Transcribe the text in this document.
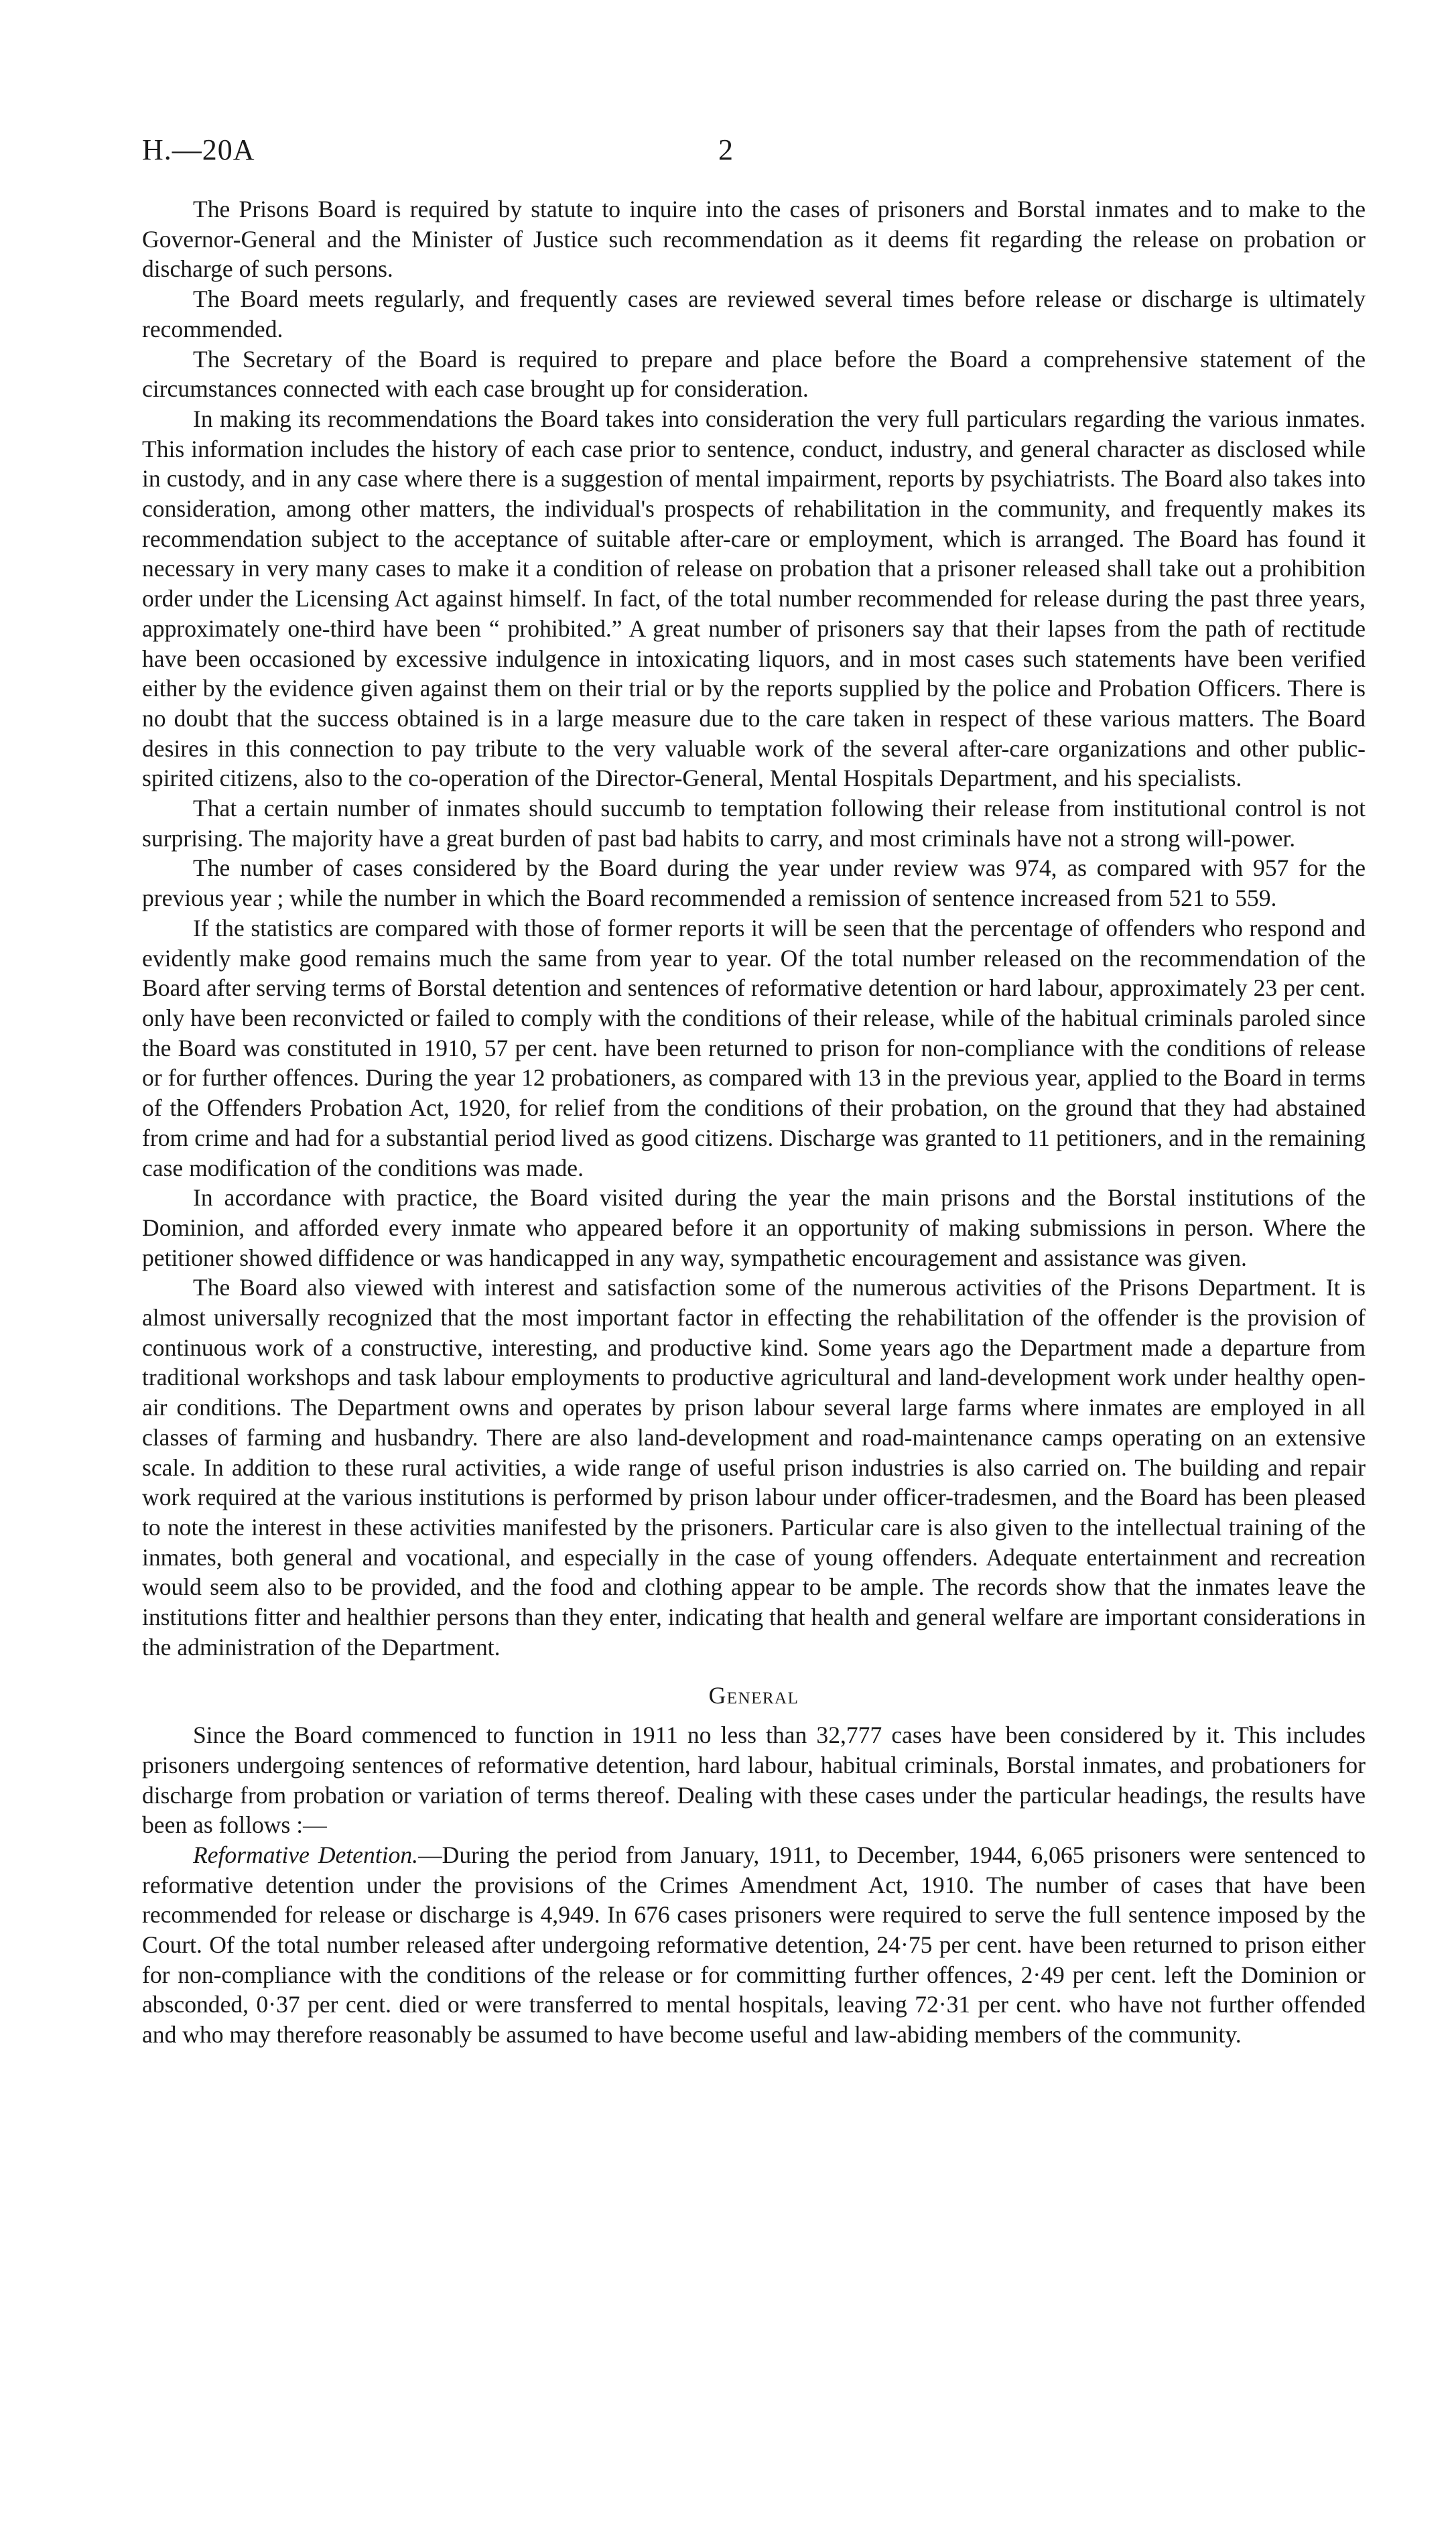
H.—20A	2

The Prisons Board is required by statute to inquire into the cases of prisoners and Borstal inmates and to make to the Governor-General and the Minister of Justice such recommendation as it deems fit regarding the release on probation or discharge of such persons.

The Board meets regularly, and frequently cases are reviewed several times before release or discharge is ultimately recommended.

The Secretary of the Board is required to prepare and place before the Board a comprehensive statement of the circumstances connected with each case brought up for consideration.

In making its recommendations the Board takes into consideration the very full particulars regarding the various inmates. This information includes the history of each case prior to sentence, conduct, industry, and general character as disclosed while in custody, and in any case where there is a suggestion of mental impairment, reports by psychiatrists. The Board also takes into consideration, among other matters, the individual's prospects of rehabilitation in the community, and frequently makes its recommendation subject to the acceptance of suitable after-care or employment, which is arranged. The Board has found it necessary in very many cases to make it a condition of release on probation that a prisoner released shall take out a prohibition order under the Licensing Act against himself. In fact, of the total number recommended for release during the past three years, approximately one-third have been “ prohibited.” A great number of prisoners say that their lapses from the path of rectitude have been occasioned by excessive indulgence in intoxicating liquors, and in most cases such statements have been verified either by the evidence given against them on their trial or by the reports supplied by the police and Probation Officers. There is no doubt that the success obtained is in a large measure due to the care taken in respect of these various matters. The Board desires in this connection to pay tribute to the very valuable work of the several after-care organizations and other public-spirited citizens, also to the co-operation of the Director-General, Mental Hospitals Department, and his specialists.

That a certain number of inmates should succumb to temptation following their release from institutional control is not surprising. The majority have a great burden of past bad habits to carry, and most criminals have not a strong will-power.

The number of cases considered by the Board during the year under review was 974, as compared with 957 for the previous year ; while the number in which the Board recommended a remission of sentence increased from 521 to 559.

If the statistics are compared with those of former reports it will be seen that the percentage of offenders who respond and evidently make good remains much the same from year to year. Of the total number released on the recommendation of the Board after serving terms of Borstal detention and sentences of reformative detention or hard labour, approximately 23 per cent. only have been reconvicted or failed to comply with the conditions of their release, while of the habitual criminals paroled since the Board was constituted in 1910, 57 per cent. have been returned to prison for non-compliance with the conditions of release or for further offences. During the year 12 probationers, as compared with 13 in the previous year, applied to the Board in terms of the Offenders Probation Act, 1920, for relief from the conditions of their probation, on the ground that they had abstained from crime and had for a substantial period lived as good citizens. Discharge was granted to 11 petitioners, and in the remaining case modification of the conditions was made.

In accordance with practice, the Board visited during the year the main prisons and the Borstal institutions of the Dominion, and afforded every inmate who appeared before it an opportunity of making submissions in person. Where the petitioner showed diffidence or was handicapped in any way, sympathetic encouragement and assistance was given.

The Board also viewed with interest and satisfaction some of the numerous activities of the Prisons Department. It is almost universally recognized that the most important factor in effecting the rehabilitation of the offender is the provision of continuous work of a constructive, interesting, and productive kind. Some years ago the Department made a departure from traditional workshops and task labour employments to productive agricultural and land-development work under healthy open-air conditions. The Department owns and operates by prison labour several large farms where inmates are employed in all classes of farming and husbandry. There are also land-development and road-maintenance camps operating on an extensive scale. In addition to these rural activities, a wide range of useful prison industries is also carried on. The building and repair work required at the various institutions is performed by prison labour under officer-tradesmen, and the Board has been pleased to note the interest in these activities manifested by the prisoners. Particular care is also given to the intellectual training of the inmates, both general and vocational, and especially in the case of young offenders. Adequate entertainment and recreation would seem also to be provided, and the food and clothing appear to be ample. The records show that the inmates leave the institutions fitter and healthier persons than they enter, indicating that health and general welfare are important considerations in the administration of the Department.

General

Since the Board commenced to function in 1911 no less than 32,777 cases have been considered by it. This includes prisoners undergoing sentences of reformative detention, hard labour, habitual criminals, Borstal inmates, and probationers for discharge from probation or variation of terms thereof. Dealing with these cases under the particular headings, the results have been as follows :—

Reformative Detention.—During the period from January, 1911, to December, 1944, 6,065 prisoners were sentenced to reformative detention under the provisions of the Crimes Amendment Act, 1910. The number of cases that have been recommended for release or discharge is 4,949. In 676 cases prisoners were required to serve the full sentence imposed by the Court. Of the total number released after undergoing reformative detention, 24·75 per cent. have been returned to prison either for non-compliance with the conditions of the release or for committing further offences, 2·49 per cent. left the Dominion or absconded, 0·37 per cent. died or were transferred to mental hospitals, leaving 72·31 per cent. who have not further offended and who may therefore reasonably be assumed to have become useful and law-abiding members of the community.
